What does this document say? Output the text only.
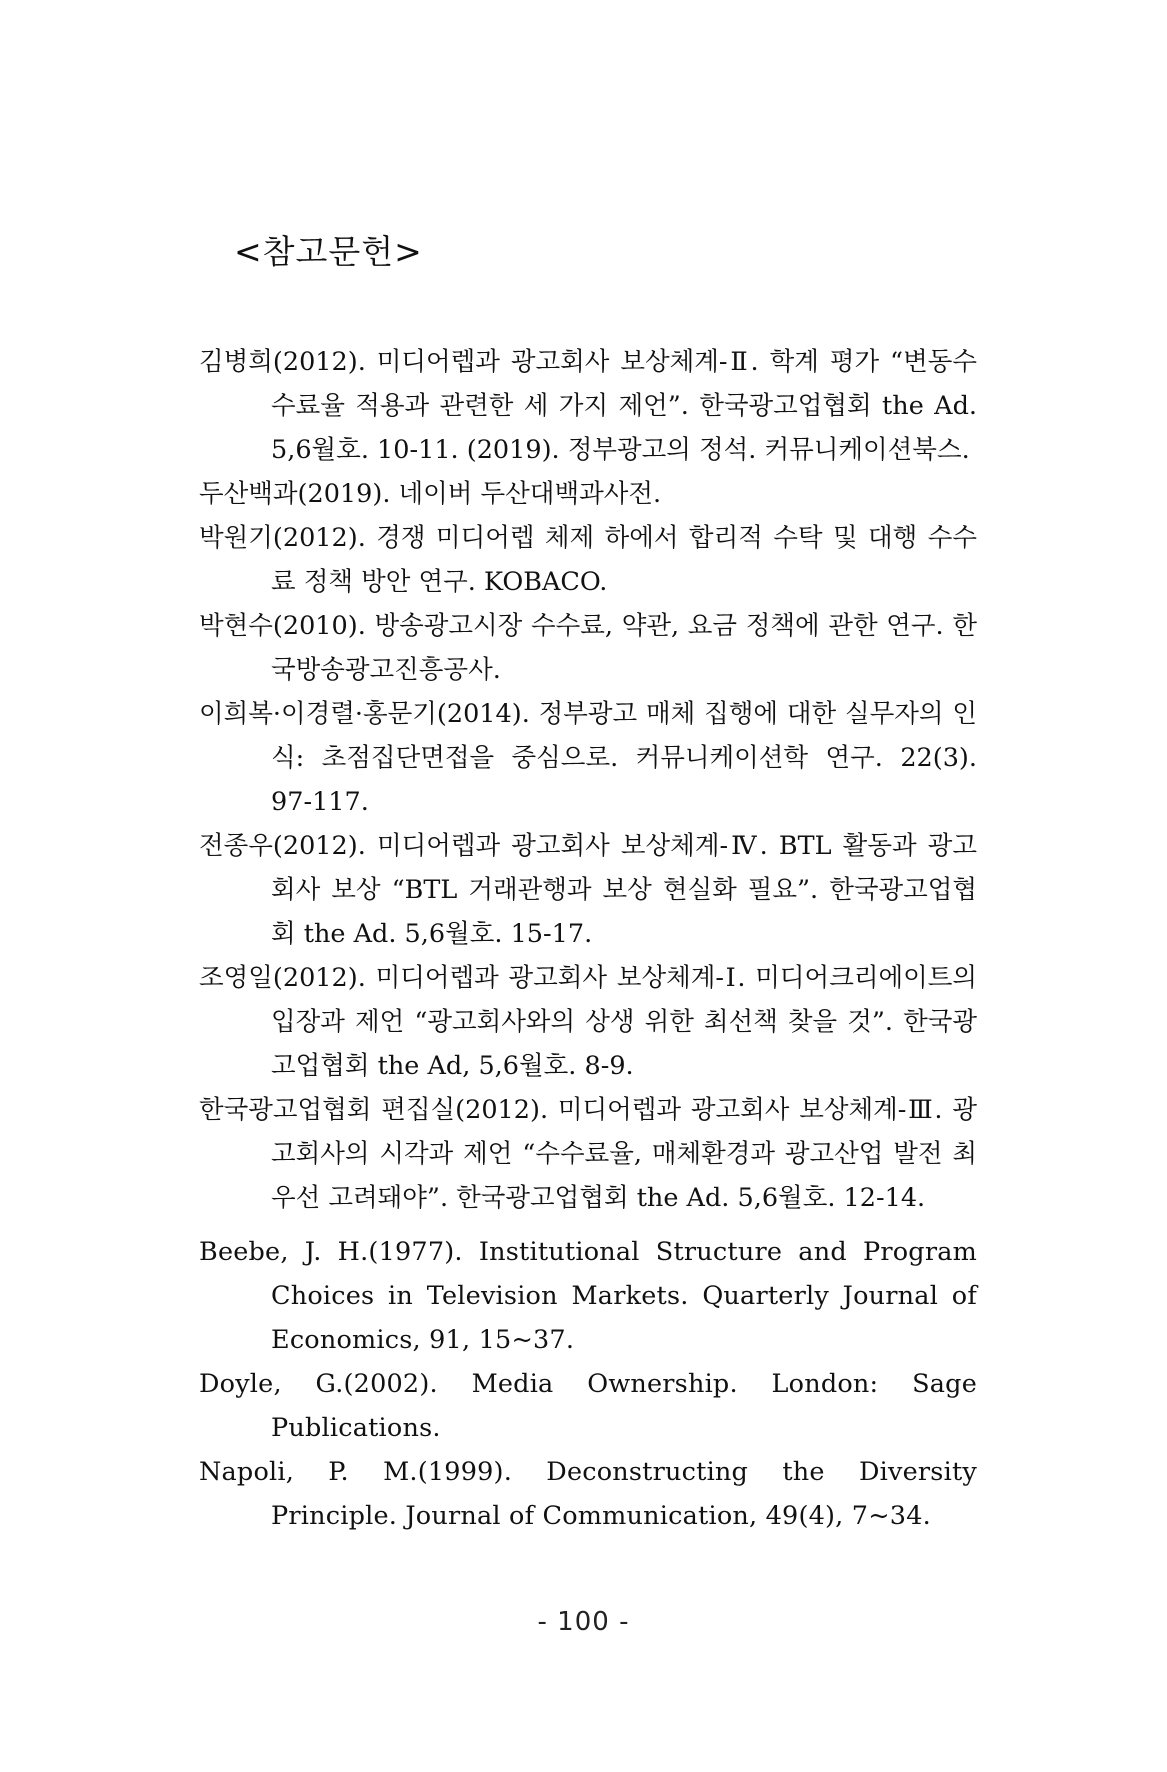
<참고문헌>
김병희(2012). 미디어렙과 광고회사 보상체계-Ⅱ. 학계 평가 “변동수수료율 적용과 관련한 세 가지 제언”. 한국광고업협회 the Ad. 5,6월호. 10-11. (2019). 정부광고의 정석. 커뮤니케이션북스.
두산백과(2019). 네이버 두산대백과사전.
박원기(2012). 경쟁 미디어렙 체제 하에서 합리적 수탁 및 대행 수수료 정책 방안 연구. KOBACO.
박현수(2010). 방송광고시장 수수료, 약관, 요금 정책에 관한 연구. 한국방송광고진흥공사.
이희복·이경렬·홍문기(2014). 정부광고 매체 집행에 대한 실무자의 인식: 초점집단면접을 중심으로. 커뮤니케이션학 연구. 22(3). 97-117.
전종우(2012). 미디어렙과 광고회사 보상체계-Ⅳ. BTL 활동과 광고회사 보상 “BTL 거래관행과 보상 현실화 필요”. 한국광고업협회 the Ad. 5,6월호. 15-17.
조영일(2012). 미디어렙과 광고회사 보상체계-Ⅰ. 미디어크리에이트의 입장과 제언 “광고회사와의 상생 위한 최선책 찾을 것”. 한국광고업협회 the Ad, 5,6월호. 8-9.
한국광고업협회 편집실(2012). 미디어렙과 광고회사 보상체계-Ⅲ. 광고회사의 시각과 제언 “수수료율, 매체환경과 광고산업 발전 최우선 고려돼야”. 한국광고업협회 the Ad. 5,6월호. 12-14.
Beebe, J. H.(1977). Institutional Structure and Program Choices in Television Markets. Quarterly Journal of Economics, 91, 15~37.
Doyle, G.(2002). Media Ownership. London: Sage Publications.
Napoli, P. M.(1999). Deconstructing the Diversity Principle. Journal of Communication, 49(4), 7~34.
- 100 -
